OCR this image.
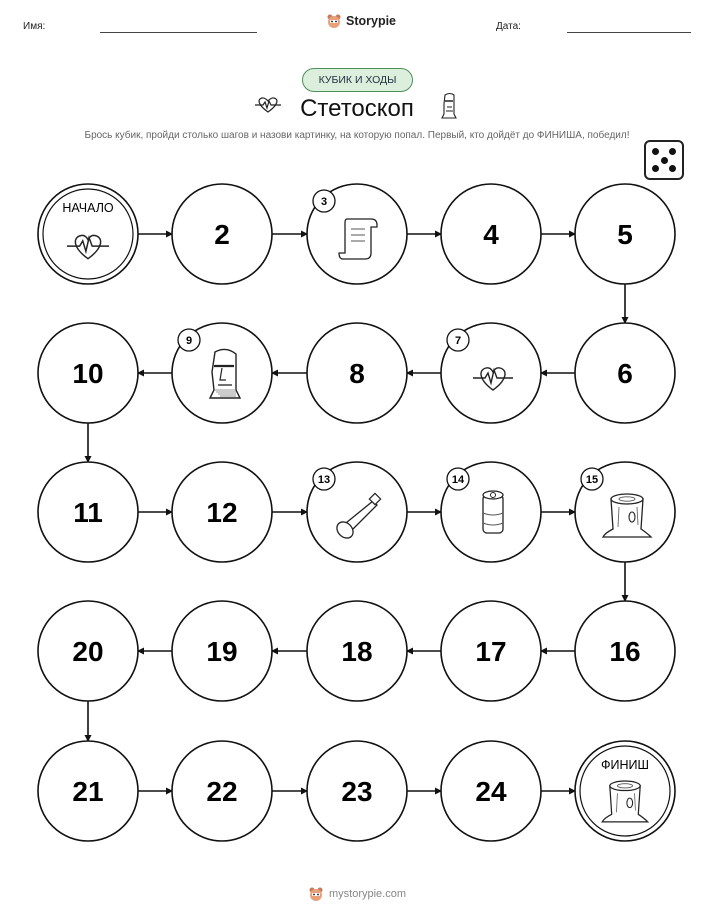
Имя:	Storypie	Дата:
КУБИК И ХОДЫ
Стетоскоп
Брось кубик, пройди столько шагов и назови картинку, на которую попал. Первый, кто дойдёт до ФИНИША, победил!
НАЧАЛО
2
3
4	5
10
9
8
7
6
11	12
13	14	15
20	19	18	17	16
21	22	23	24
ФИНИШ
mystorypie.com
